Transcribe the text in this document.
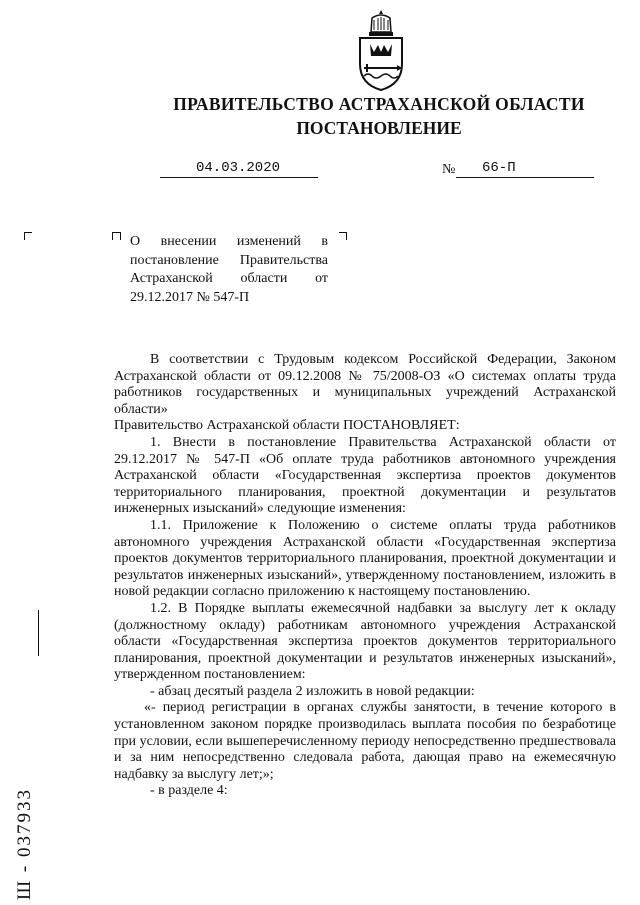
ПРАВИТЕЛЬСТВО АСТРАХАНСКОЙ ОБЛАСТИ
ПОСТАНОВЛЕНИЕ
04.03.2020	№ 66-П
О внесении изменений в постановление Правительства Астраханской области от 29.12.2017 № 547-П

В соответствии с Трудовым кодексом Российской Федерации, Законом Астраханской области от 09.12.2008 № 75/2008-ОЗ «О системах оплаты труда работников государственных и муниципальных учреждений Астраханской области»

Правительство Астраханской области ПОСТАНОВЛЯЕТ:

1. Внести в постановление Правительства Астраханской области от 29.12.2017 № 547-П «Об оплате труда работников автономного учреждения Астраханской области «Государственная экспертиза проектов документов территориального планирования, проектной документации и результатов инженерных изысканий» следующие изменения:

1.1. Приложение к Положению о системе оплаты труда работников автономного учреждения Астраханской области «Государственная экспертиза проектов документов территориального планирования, проектной документации и результатов инженерных изысканий», утвержденному постановлением, изложить в новой редакции согласно приложению к настоящему постановлению.

1.2. В Порядке выплаты ежемесячной надбавки за выслугу лет к окладу (должностному окладу) работникам автономного учреждения Астраханской области «Государственная экспертиза проектов документов территориального планирования, проектной документации и результатов инженерных изысканий», утвержденном постановлением:

- абзац десятый раздела 2 изложить в новой редакции:

«- период регистрации в органах службы занятости, в течение которого в установленном законом порядке производилась выплата пособия по безработице при условии, если вышеперечисленному периоду непосредственно предшествовала и за ним непосредственно следовала работа, дающая право на ежемесячную надбавку за выслугу лет;»;

- в разделе 4:

Ш - 037933
